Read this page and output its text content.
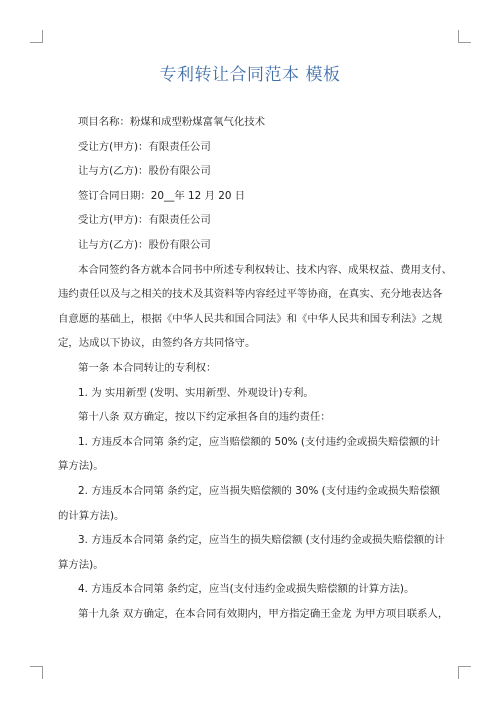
专利转让合同范本 模板
项目名称：粉煤和成型粉煤富氧气化技术
受让方(甲方)：有限责任公司
让与方(乙方)：股份有限公司
签订合同日期：20__年 12 月 20 日
受让方(甲方)：有限责任公司
让与方(乙方)：股份有限公司
本合同签约各方就本合同书中所述专利权转让、技术内容、成果权益、费用支付、
违约责任以及与之相关的技术及其资料等内容经过平等协商，在真实、充分地表达各
自意愿的基础上，根据《中华人民共和国合同法》和《中华人民共和国专利法》之规
定，达成以下协议，由签约各方共同恪守。
第一条 本合同转让的专利权：
1. 为 实用新型 (发明、实用新型、外观设计)专利。
第十八条 双方确定，按以下约定承担各自的违约责任：
1. 方违反本合同第 条约定，应当赔偿额的 50% (支付违约金或损失赔偿额的计
算方法)。
2. 方违反本合同第 条约定，应当损失赔偿额的 30% (支付违约金或损失赔偿额
的计算方法)。
3. 方违反本合同第 条约定，应当生的损失赔偿额 (支付违约金或损失赔偿额的计
算方法)。
4. 方违反本合同第 条约定，应当(支付违约金或损失赔偿额的计算方法)。
第十九条 双方确定，在本合同有效期内，甲方指定确王金龙 为甲方项目联系人，
